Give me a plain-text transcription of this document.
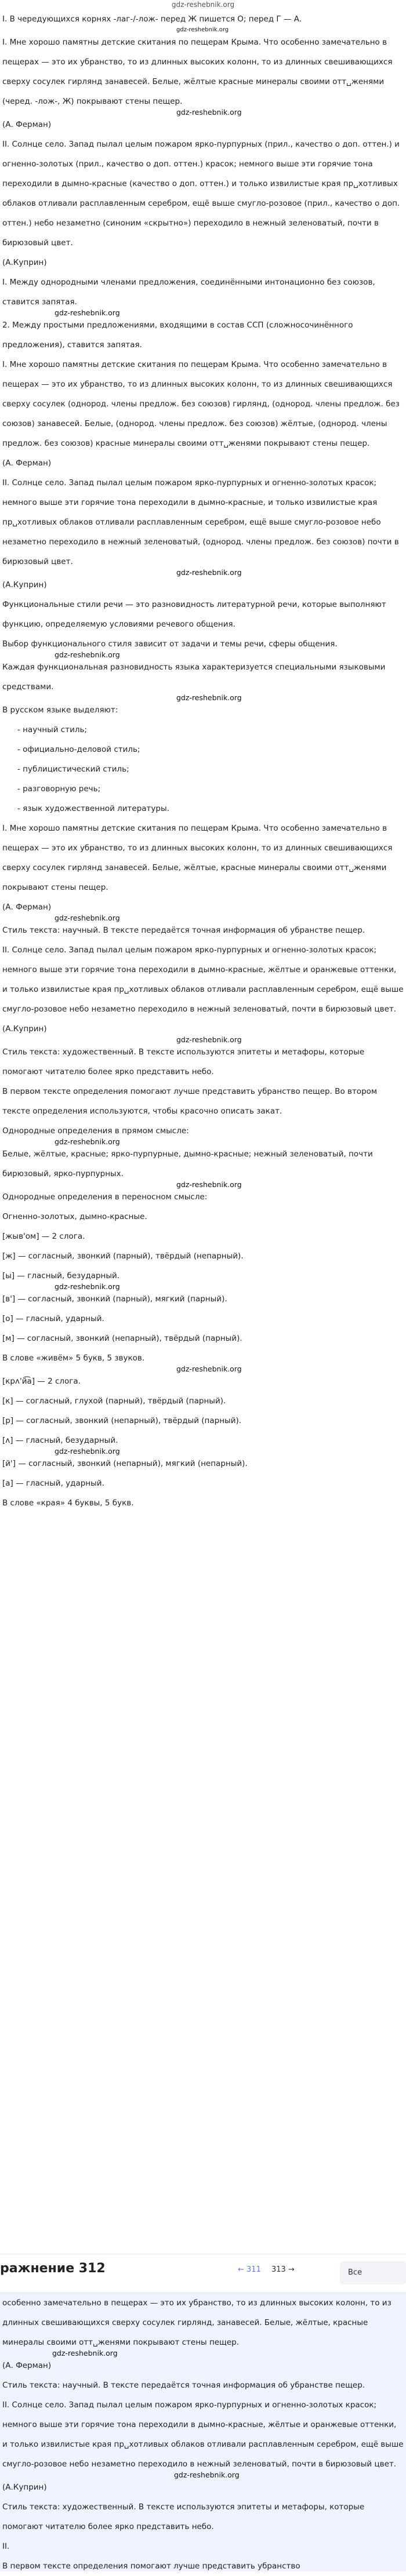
gdz-reshebnik.org

I. В чередующихся корнях -лаг-/-лож- перед Ж пишется О; перед Г — А.

gdz-reshebnik.org

I. Мне хорошо памятны детские скитания по пещерам Крыма. Что особенно замечательно в пещерах — это их убранство, то из длинных высоких колонн, то из длинных свешивающихся сверху сосулек гирлянд занавесей. Белые, жёлтые красные минералы своими отт␣женями (черед. -лож-, Ж) покрывают стены пещер.

gdz-reshebnik.org

(А. Ферман)

II. Солнце село. Запад пылал целым пожаром ярко-пурпурных (прил., качество о доп. оттен.) и огненно-золотых (прил., качество о доп. оттен.) красок; немного выше эти горячие тона переходили в дымно-красные (качество о доп. оттен.) и только извилистые края пр␣хотливых облаков отливали расплавленным серебром, ещё выше смугло-розовое (прил., качество о доп. оттен.) небо незаметно (синоним «скрытно») переходило в нежный зеленоватый, почти в бирюзовый цвет.

(А.Куприн)

I. Между однородными членами предложения, соединёнными интонационно без союзов, ставится запятая.

gdz-reshebnik.org

2. Между простыми предложениями, входящими в состав ССП (сложносочинённого предложения), ставится запятая.

I. Мне хорошо памятны детские скитания по пещерам Крыма. Что особенно замечательно в пещерах — это их убранство, то из длинных высоких колонн, то из длинных свешивающихся сверху сосулек (однород. члены предлож. без союзов) гирлянд, (однород. члены предлож. без союзов) занавесей. Белые, (однород. члены предлож. без союзов) жёлтые, (однород. члены предлож. без союзов) красные минералы своими отт␣женями покрывают стены пещер.

(А. Ферман)

II. Солнце село. Запад пылал целым пожаром ярко-пурпурных и огненно-золотых красок; немного выше эти горячие тона переходили в дымно-красные, и только извилистые края пр␣хотливых облаков отливали расплавленным серебром, ещё выше смугло-розовое небо незаметно переходило в нежный зеленоватый, (однород. члены предлож. без союзов) почти в бирюзовый цвет.

gdz-reshebnik.org

(А.Куприн)

Функциональные стили речи — это разновидность литературной речи, которые выполняют функцию, определяемую условиями речевого общения.

Выбор функционального стиля зависит от задачи и темы речи, сферы общения.

gdz-reshebnik.org

Каждая функциональная разновидность языка характеризуется специальными языковыми средствами.

gdz-reshebnik.org

В русском языке выделяют:

- научный стиль;
- официально-деловой стиль;
- публицистический стиль;
- разговорную речь;
- язык художественной литературы.

I. Мне хорошо памятны детские скитания по пещерам Крыма. Что особенно замечательно в пещерах — это их убранство, то из длинных высоких колонн, то из длинных свешивающихся сверху сосулек гирлянд занавесей. Белые, жёлтые, красные минералы своими отт␣женями покрывают стены пещер.

(А. Ферман)

gdz-reshebnik.org

Стиль текста: научный. В тексте передаётся точная информация об убранстве пещер.

II. Солнце село. Запад пылал целым пожаром ярко-пурпурных и огненно-золотых красок; немного выше эти горячие тона переходили в дымно-красные, жёлтые и оранжевые оттенки, и только извилистые края пр␣хотливых облаков отливали расплавленным серебром, ещё выше смугло-розовое небо незаметно переходило в нежный зеленоватый, почти в бирюзовый цвет.

(А.Куприн)

gdz-reshebnik.org

Стиль текста: художественный. В тексте используются эпитеты и метафоры, которые помогают читателю более ярко представить небо.

В первом тексте определения помогают лучше представить убранство пещер. Во втором тексте определения используются, чтобы красочно описать закат.

Однородные определения в прямом смысле:

gdz-reshebnik.org

Белые, жёлтые, красные; ярко-пурпурные, дымно-красные; нежный зеленоватый, почти бирюзовый, ярко-пурпурных.

gdz-reshebnik.org

Однородные определения в переносном смысле:

Огненно-золотых, дымно-красные.

[жыв'ом] — 2 слога.

[ж] — согласный, звонкий (парный), твёрдый (непарный).

[ы] — гласный, безударный.

gdz-reshebnik.org

[в'] — согласный, звонкий (парный), мягкий (парный).

[о] — гласный, ударный.

[м] — согласный, звонкий (непарный), твёрдый (парный).

В слове «живём» 5 букв, 5 звуков.

gdz-reshebnik.org

[крʌ'й͡а] — 2 слога.

[к] — согласный, глухой (парный), твёрдый (парный).

[р] — согласный, звонкий (непарный), твёрдый (парный).

[ʌ] — гласный, безударный.

gdz-reshebnik.org

[й'] — согласный, звонкий (непарный), мягкий (непарный).

[а] — гласный, ударный.

В слове «края» 4 буквы, 5 букв.

ражнение 312	← 311 313 →	Все

особенно замечательно в пещерах — это их убранство, то из длинных высоких колонн, то из длинных свешивающихся сверху сосулек гирлянд, занавесей. Белые, жёлтые, красные минералы своими отт␣женями покрывают стены пещер.

gdz-reshebnik.org

(А. Ферман)

Стиль текста: научный. В тексте передаётся точная информация об убранстве пещер.

II. Солнце село. Запад пылал целым пожаром ярко-пурпурных и огненно-золотых красок; немного выше эти горячие тона переходили в дымно-красные, жёлтые и оранжевые оттенки, и только извилистые края пр␣хотливых облаков отливали расплавленным серебром, ещё выше смугло-розовое небо незаметно переходило в нежный зеленоватый, почти в бирюзовый цвет.

gdz-reshebnik.org

(А.Куприн)

Стиль текста: художественный. В тексте используются эпитеты и метафоры, которые помогают читателю более ярко представить небо.

II.

В первом тексте определения помогают лучше представить убранство
